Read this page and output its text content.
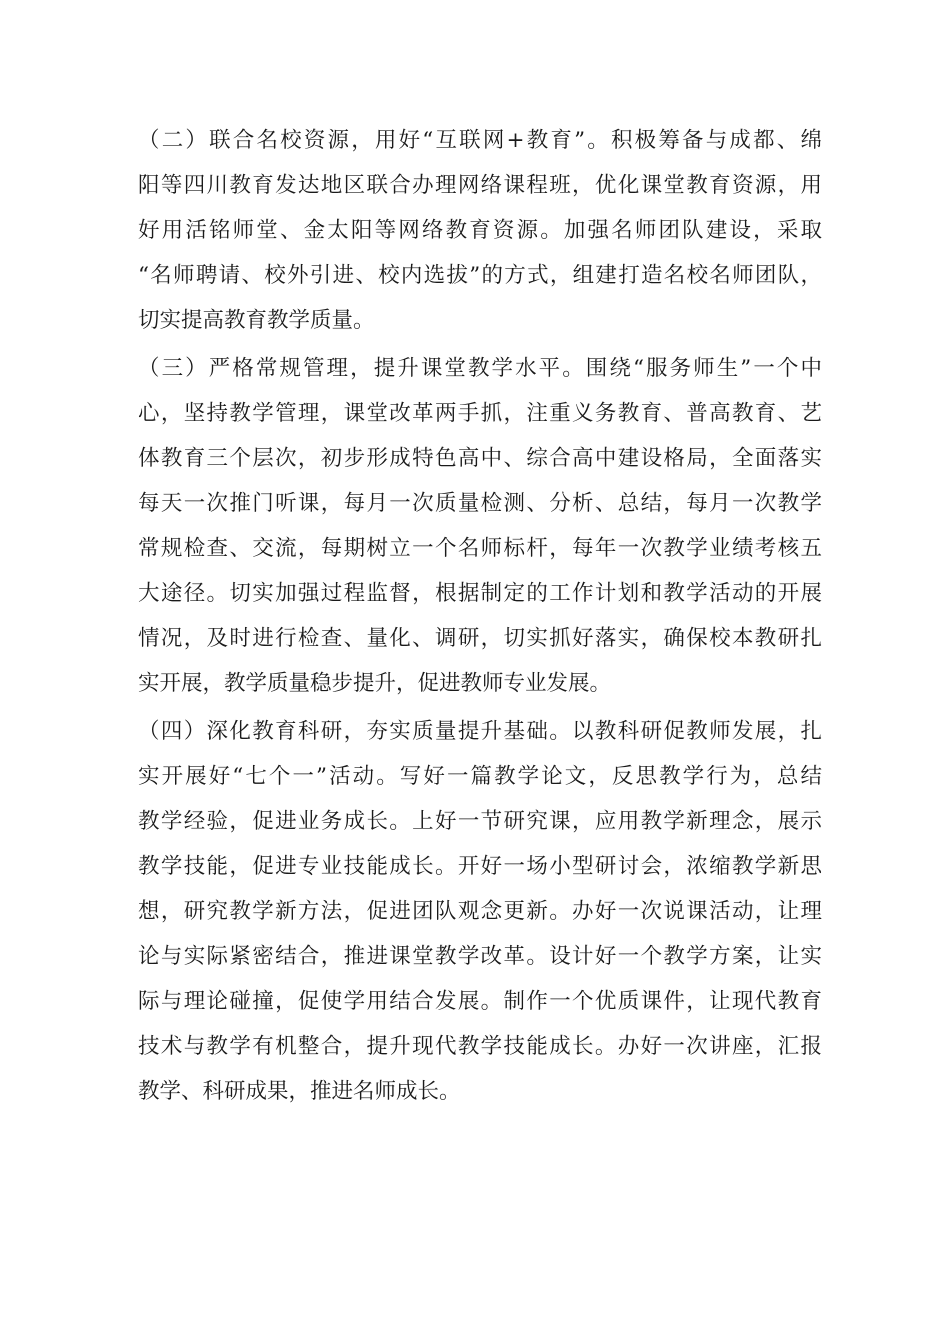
（二）联合名校资源，用好“互联网+教育”。积极筹备与成都、绵
阳等四川教育发达地区联合办理网络课程班，优化课堂教育资源，用
好用活铭师堂、金太阳等网络教育资源。加强名师团队建设，采取
“名师聘请、校外引进、校内选拔”的方式，组建打造名校名师团队，
切实提高教育教学质量。
（三）严格常规管理，提升课堂教学水平。围绕“服务师生”一个中
心，坚持教学管理，课堂改革两手抓，注重义务教育、普高教育、艺
体教育三个层次，初步形成特色高中、综合高中建设格局，全面落实
每天一次推门听课，每月一次质量检测、分析、总结，每月一次教学
常规检查、交流，每期树立一个名师标杆，每年一次教学业绩考核五
大途径。切实加强过程监督，根据制定的工作计划和教学活动的开展
情况，及时进行检查、量化、调研，切实抓好落实，确保校本教研扎
实开展，教学质量稳步提升，促进教师专业发展。
（四）深化教育科研，夯实质量提升基础。以教科研促教师发展，扎
实开展好“七个一”活动。写好一篇教学论文，反思教学行为，总结
教学经验，促进业务成长。上好一节研究课，应用教学新理念，展示
教学技能，促进专业技能成长。开好一场小型研讨会，浓缩教学新思
想，研究教学新方法，促进团队观念更新。办好一次说课活动，让理
论与实际紧密结合，推进课堂教学改革。设计好一个教学方案，让实
际与理论碰撞，促使学用结合发展。制作一个优质课件，让现代教育
技术与教学有机整合，提升现代教学技能成长。办好一次讲座，汇报
教学、科研成果，推进名师成长。
